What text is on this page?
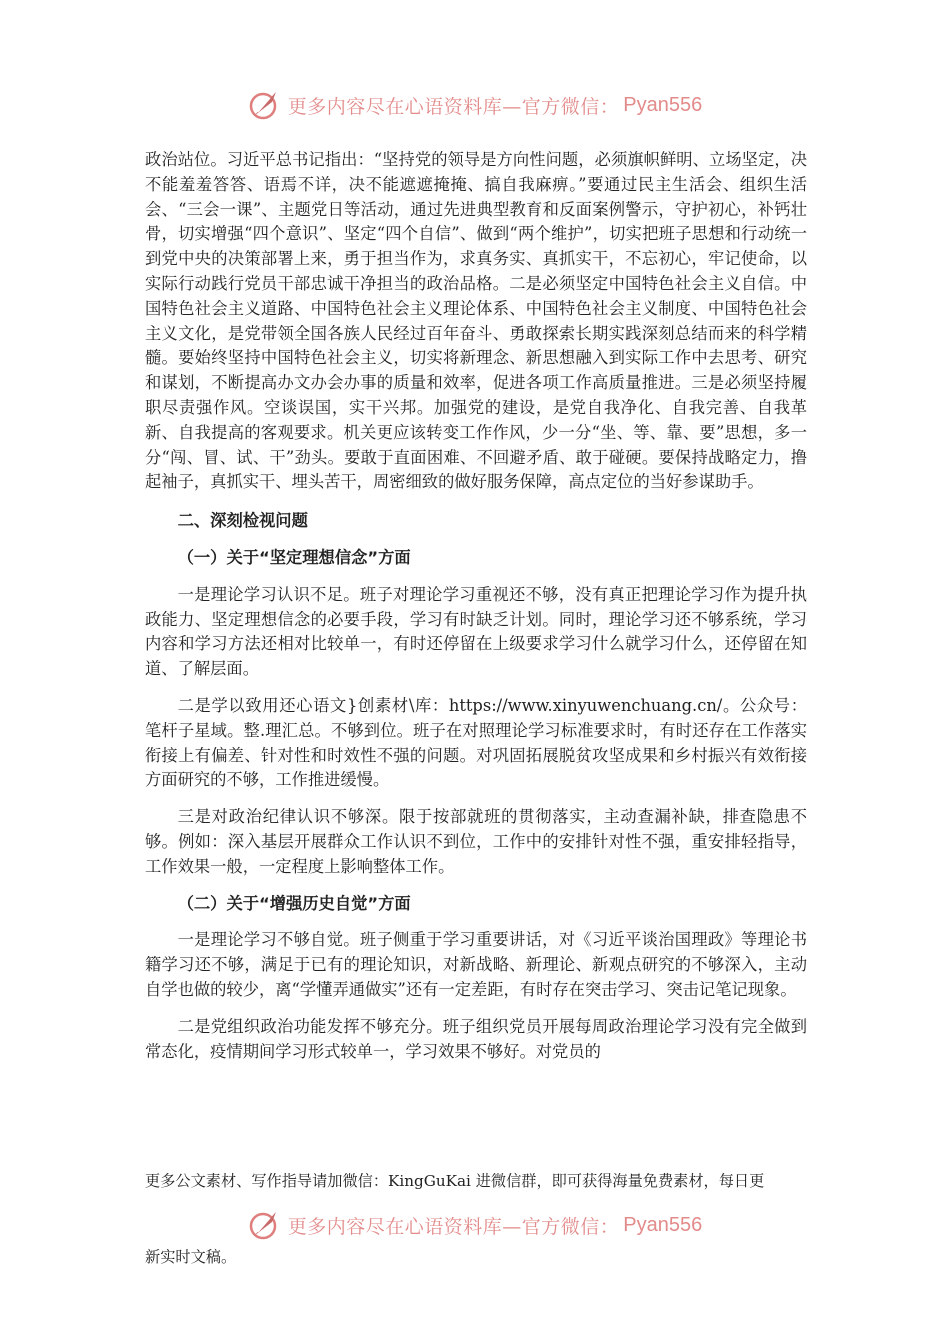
更多内容尽在心语资料库—官方微信： Pyan556

政治站位。习近平总书记指出：“坚持党的领导是方向性问题，必须旗帜鲜明、立场坚定，决不能羞羞答答、语焉不详，决不能遮遮掩掩、搞自我麻痹。”要通过民主生活会、组织生活会、“三会一课”、主题党日等活动，通过先进典型教育和反面案例警示，守护初心，补钙壮骨，切实增强“四个意识”、坚定“四个自信”、做到“两个维护”，切实把班子思想和行动统一到党中央的决策部署上来，勇于担当作为，求真务实、真抓实干，不忘初心，牢记使命，以实际行动践行党员干部忠诚干净担当的政治品格。二是必须坚定中国特色社会主义自信。中国特色社会主义道路、中国特色社会主义理论体系、中国特色社会主义制度、中国特色社会主义文化，是党带领全国各族人民经过百年奋斗、勇敢探索长期实践深刻总结而来的科学精髓。要始终坚持中国特色社会主义，切实将新理念、新思想融入到实际工作中去思考、研究和谋划，不断提高办文办会办事的质量和效率，促进各项工作高质量推进。三是必须坚持履职尽责强作风。空谈误国，实干兴邦。加强党的建设，是党自我净化、自我完善、自我革新、自我提高的客观要求。机关更应该转变工作作风，少一分“坐、等、靠、要”思想，多一分“闯、冒、试、干”劲头。要敢于直面困难、不回避矛盾、敢于碰硬。要保持战略定力，撸起袖子，真抓实干、埋头苦干，周密细致的做好服务保障，高点定位的当好参谋助手。

二、深刻检视问题

（一）关于“坚定理想信念”方面

一是理论学习认识不足。班子对理论学习重视还不够，没有真正把理论学习作为提升执政能力、坚定理想信念的必要手段，学习有时缺乏计划。同时，理论学习还不够系统，学习内容和学习方法还相对比较单一，有时还停留在上级要求学习什么就学习什么，还停留在知道、了解层面。

二是学以致用还心语文}创素材\库：https://www.xinyuwenchuang.cn/。公众号：笔杆子星域。整.理汇总。不够到位。班子在对照理论学习标准要求时，有时还存在工作落实衔接上有偏差、针对性和时效性不强的问题。对巩固拓展脱贫攻坚成果和乡村振兴有效衔接方面研究的不够，工作推进缓慢。

三是对政治纪律认识不够深。限于按部就班的贯彻落实，主动查漏补缺，排查隐患不够。例如：深入基层开展群众工作认识不到位，工作中的安排针对性不强，重安排轻指导，工作效果一般，一定程度上影响整体工作。

（二）关于“增强历史自觉”方面

一是理论学习不够自觉。班子侧重于学习重要讲话，对《习近平谈治国理政》等理论书籍学习还不够，满足于已有的理论知识，对新战略、新理论、新观点研究的不够深入，主动自学也做的较少，离“学懂弄通做实”还有一定差距，有时存在突击学习、突击记笔记现象。

二是党组织政治功能发挥不够充分。班子组织党员开展每周政治理论学习没有完全做到常态化，疫情期间学习形式较单一，学习效果不够好。对党员的

更多公文素材、写作指导请加微信：KingGuKai 进微信群，即可获得海量免费素材，每日更
更多内容尽在心语资料库—官方微信： Pyan556
新实时文稿。
